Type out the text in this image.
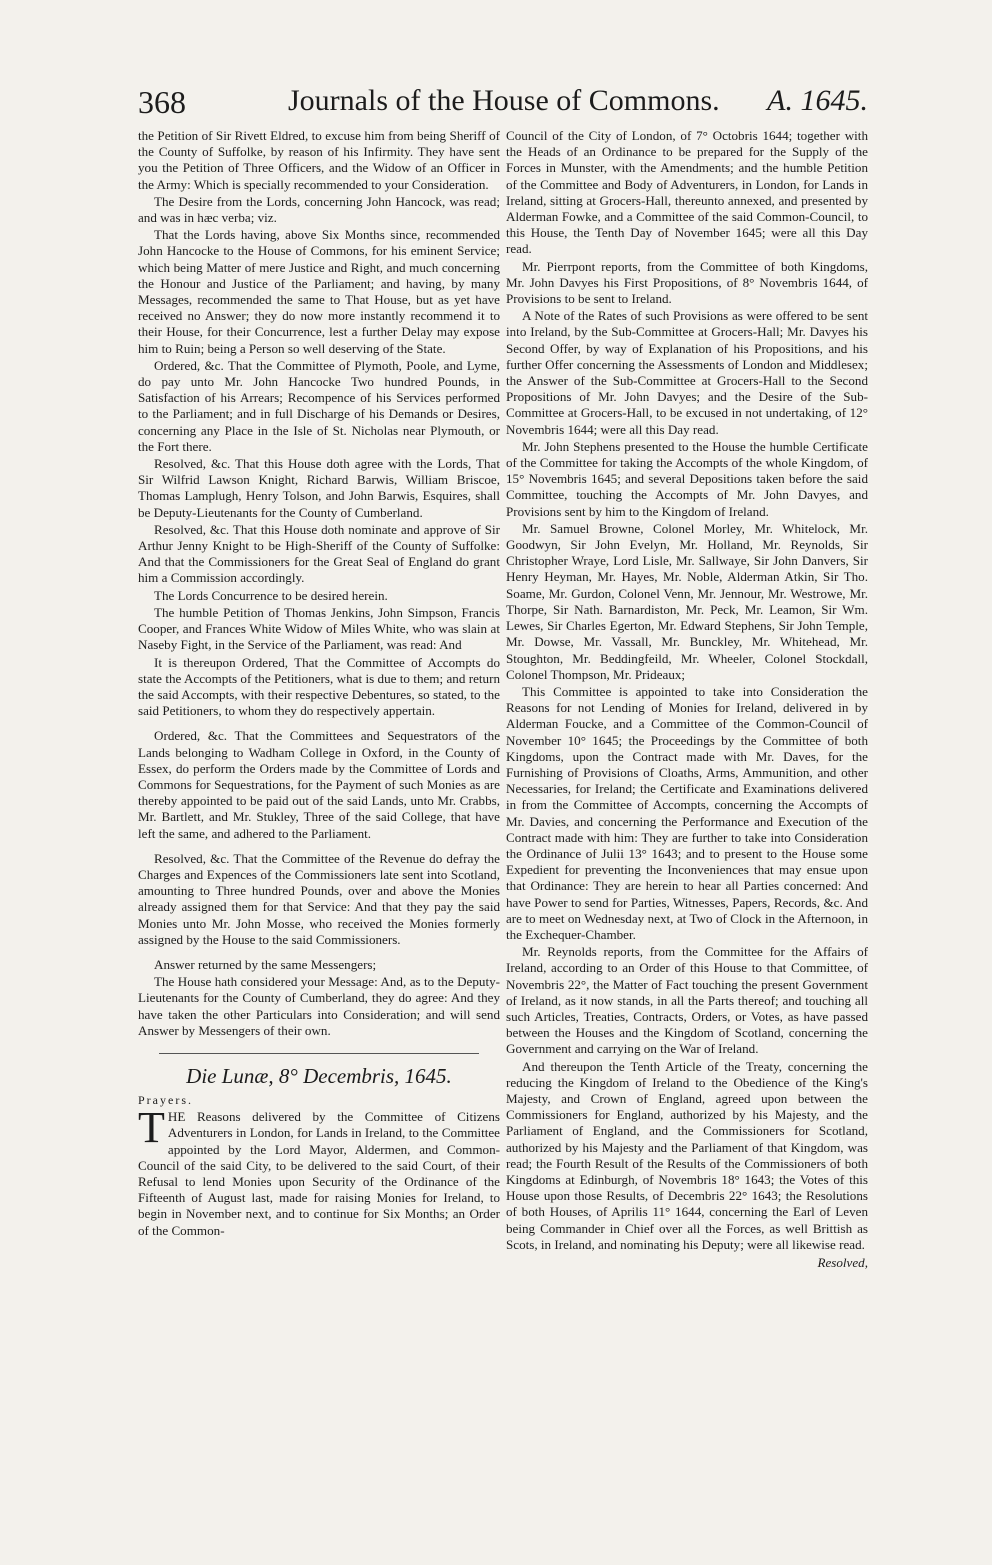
368	Journals of the House of Commons. A. 1645.

the Petition of Sir Rivett Eldred, to excuse him from being Sheriff of the County of Suffolke, by reason of his Infirmity. They have sent you the Petition of Three Officers, and the Widow of an Officer in the Army: Which is specially recommended to your Consideration.

The Desire from the Lords, concerning John Hancock, was read; and was in hæc verba; viz.

That the Lords having, above Six Months since, recommended John Hancocke to the House of Commons, for his eminent Service; which being Matter of mere Justice and Right, and much concerning the Honour and Justice of the Parliament; and having, by many Messages, recommended the same to That House, but as yet have received no Answer; they do now more instantly recommend it to their House, for their Concurrence, lest a further Delay may expose him to Ruin; being a Person so well deserving of the State.

Ordered, &c. That the Committee of Plymoth, Poole, and Lyme, do pay unto Mr. John Hancocke Two hundred Pounds, in Satisfaction of his Arrears; Recompence of his Services performed to the Parliament; and in full Discharge of his Demands or Desires, concerning any Place in the Isle of St. Nicholas near Plymouth, or the Fort there.

Resolved, &c. That this House doth agree with the Lords, That Sir Wilfrid Lawson Knight, Richard Barwis, William Briscoe, Thomas Lamplugh, Henry Tolson, and John Barwis, Esquires, shall be Deputy-Lieutenants for the County of Cumberland.

Resolved, &c. That this House doth nominate and approve of Sir Arthur Jenny Knight to be High-Sheriff of the County of Suffolke: And that the Commissioners for the Great Seal of England do grant him a Commission accordingly.

The Lords Concurrence to be desired herein.

The humble Petition of Thomas Jenkins, John Simpson, Francis Cooper, and Frances White Widow of Miles White, who was slain at Naseby Fight, in the Service of the Parliament, was read: And

It is thereupon Ordered, That the Committee of Accompts do state the Accompts of the Petitioners, what is due to them; and return the said Accompts, with their respective Debentures, so stated, to the said Petitioners, to whom they do respectively appertain.

Ordered, &c. That the Committees and Sequestrators of the Lands belonging to Wadham College in Oxford, in the County of Essex, do perform the Orders made by the Committee of Lords and Commons for Sequestrations, for the Payment of such Monies as are thereby appointed to be paid out of the said Lands, unto Mr. Crabbs, Mr. Bartlett, and Mr. Stukley, Three of the said College, that have left the same, and adhered to the Parliament.

Resolved, &c. That the Committee of the Revenue do defray the Charges and Expences of the Commissioners late sent into Scotland, amounting to Three hundred Pounds, over and above the Monies already assigned them for that Service: And that they pay the said Monies unto Mr. John Mosse, who received the Monies formerly assigned by the House to the said Commissioners.

Answer returned by the same Messengers;

The House hath considered your Message: And, as to the Deputy-Lieutenants for the County of Cumberland, they do agree: And they have taken the other Particulars into Consideration; and will send Answer by Messengers of their own.

Die Lunæ, 8° Decembris, 1645.

Prayers.

THE Reasons delivered by the Committee of Citizens Adventurers in London, for Lands in Ireland, to the Committee appointed by the Lord Mayor, Aldermen, and Common-Council of the said City, to be delivered to the said Court, of their Refusal to lend Monies upon Security of the Ordinance of the Fifteenth of August last, made for raising Monies for Ireland, to begin in November next, and to continue for Six Months; an Order of the Common-

Council of the City of London, of 7° Octobris 1644; together with the Heads of an Ordinance to be prepared for the Supply of the Forces in Munster, with the Amendments; and the humble Petition of the Committee and Body of Adventurers, in London, for Lands in Ireland, sitting at Grocers-Hall, thereunto annexed, and presented by Alderman Fowke, and a Committee of the said Common-Council, to this House, the Tenth Day of November 1645; were all this Day read.

Mr. Pierrpont reports, from the Committee of both Kingdoms, Mr. John Davyes his First Propositions, of 8° Novembris 1644, of Provisions to be sent to Ireland.

A Note of the Rates of such Provisions as were offered to be sent into Ireland, by the Sub-Committee at Grocers-Hall; Mr. Davyes his Second Offer, by way of Explanation of his Propositions, and his further Offer concerning the Assessments of London and Middlesex; the Answer of the Sub-Committee at Grocers-Hall to the Second Propositions of Mr. John Davyes; and the Desire of the Sub-Committee at Grocers-Hall, to be excused in not undertaking, of 12° Novembris 1644; were all this Day read.

Mr. John Stephens presented to the House the humble Certificate of the Committee for taking the Accompts of the whole Kingdom, of 15° Novembris 1645; and several Depositions taken before the said Committee, touching the Accompts of Mr. John Davyes, and Provisions sent by him to the Kingdom of Ireland.

Mr. Samuel Browne, Colonel Morley, Mr. Whitelock, Mr. Goodwyn, Sir John Evelyn, Mr. Holland, Mr. Reynolds, Sir Christopher Wraye, Lord Lisle, Mr. Sallwaye, Sir John Danvers, Sir Henry Heyman, Mr. Hayes, Mr. Noble, Alderman Atkin, Sir Tho. Soame, Mr. Gurdon, Colonel Venn, Mr. Jennour, Mr. Westrowe, Mr. Thorpe, Sir Nath. Barnardiston, Mr. Peck, Mr. Leamon, Sir Wm. Lewes, Sir Charles Egerton, Mr. Edward Stephens, Sir John Temple, Mr. Dowse, Mr. Vassall, Mr. Bunckley, Mr. Whitehead, Mr. Stoughton, Mr. Beddingfeild, Mr. Wheeler, Colonel Stockdall, Colonel Thompson, Mr. Prideaux;

This Committee is appointed to take into Consideration the Reasons for not Lending of Monies for Ireland, delivered in by Alderman Foucke, and a Committee of the Common-Council of November 10° 1645; the Proceedings by the Committee of both Kingdoms, upon the Contract made with Mr. Daves, for the Furnishing of Provisions of Cloaths, Arms, Ammunition, and other Necessaries, for Ireland; the Certificate and Examinations delivered in from the Committee of Accompts, concerning the Accompts of Mr. Davies, and concerning the Performance and Execution of the Contract made with him: They are further to take into Consideration the Ordinance of Julii 13° 1643; and to present to the House some Expedient for preventing the Inconveniences that may ensue upon that Ordinance: They are herein to hear all Parties concerned: And have Power to send for Parties, Witnesses, Papers, Records, &c. And are to meet on Wednesday next, at Two of Clock in the Afternoon, in the Exchequer-Chamber.

Mr. Reynolds reports, from the Committee for the Affairs of Ireland, according to an Order of this House to that Committee, of Novembris 22°, the Matter of Fact touching the present Government of Ireland, as it now stands, in all the Parts thereof; and touching all such Articles, Treaties, Contracts, Orders, or Votes, as have passed between the Houses and the Kingdom of Scotland, concerning the Government and carrying on the War of Ireland.

And thereupon the Tenth Article of the Treaty, concerning the reducing the Kingdom of Ireland to the Obedience of the King's Majesty, and Crown of England, agreed upon between the Commissioners for England, authorized by his Majesty, and the Parliament of England, and the Commissioners for Scotland, authorized by his Majesty and the Parliament of that Kingdom, was read; the Fourth Result of the Results of the Commissioners of both Kingdoms at Edinburgh, of Novembris 18° 1643; the Votes of this House upon those Results, of Decembris 22° 1643; the Resolutions of both Houses, of Aprilis 11° 1644, concerning the Earl of Leven being Commander in Chief over all the Forces, as well Brittish as Scots, in Ireland, and nominating his Deputy; were all likewise read.

Resolved,
